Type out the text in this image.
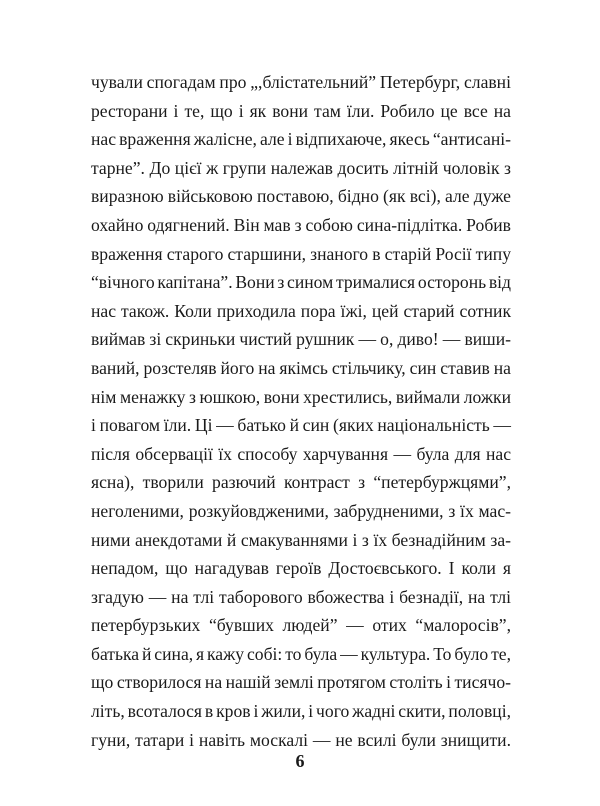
чували спогадам про „,блістательний” Петербург, славні
ресторани і те, що і як вони там їли. Робило це все на
нас враження жалісне, але і відпихаюче, якесь “антисані-
тарне”. До цієї ж групи належав досить літній чоловік з
виразною військовою поставою, бідно (як всі), але дуже
охайно одягнений. Він мав з собою сина-підлітка. Робив
враження старого старшини, знаного в старій Росії типу
“вічного капітана”. Вони з сином трималися осторонь від
нас також. Коли приходила пора їжі, цей старий сотник
виймав зі скриньки чистий рушник — о, диво! — виши-
ваний, розстеляв його на якімсь стільчику, син ставив на
нім менажку з юшкою, вони хрестились, виймали ложки
і повагом їли. Ці — батько й син (яких національність —
після обсервації їх способу харчування — була для нас
ясна), творили разючий контраст з “петербуржцями”,
неголеними, розкуйовдженими, забрудненими, з їх мас-
ними анекдотами й смакуваннями і з їх безнадійним за-
непадом, що нагадував героїв Достоєвського. І коли я
згадую — на тлі таборового вбожества і безнадії, на тлі
петербурзьких “бувших людей” — отих “малоросів”,
батька й сина, я кажу собі: то була — культура. То було те,
що створилося на нашій землі протягом століть і тисячо-
літь, всоталося в кров і жили, і чого жадні скити, половці,
гуни, татари і навіть москалі — не всилі були знищити.
6
